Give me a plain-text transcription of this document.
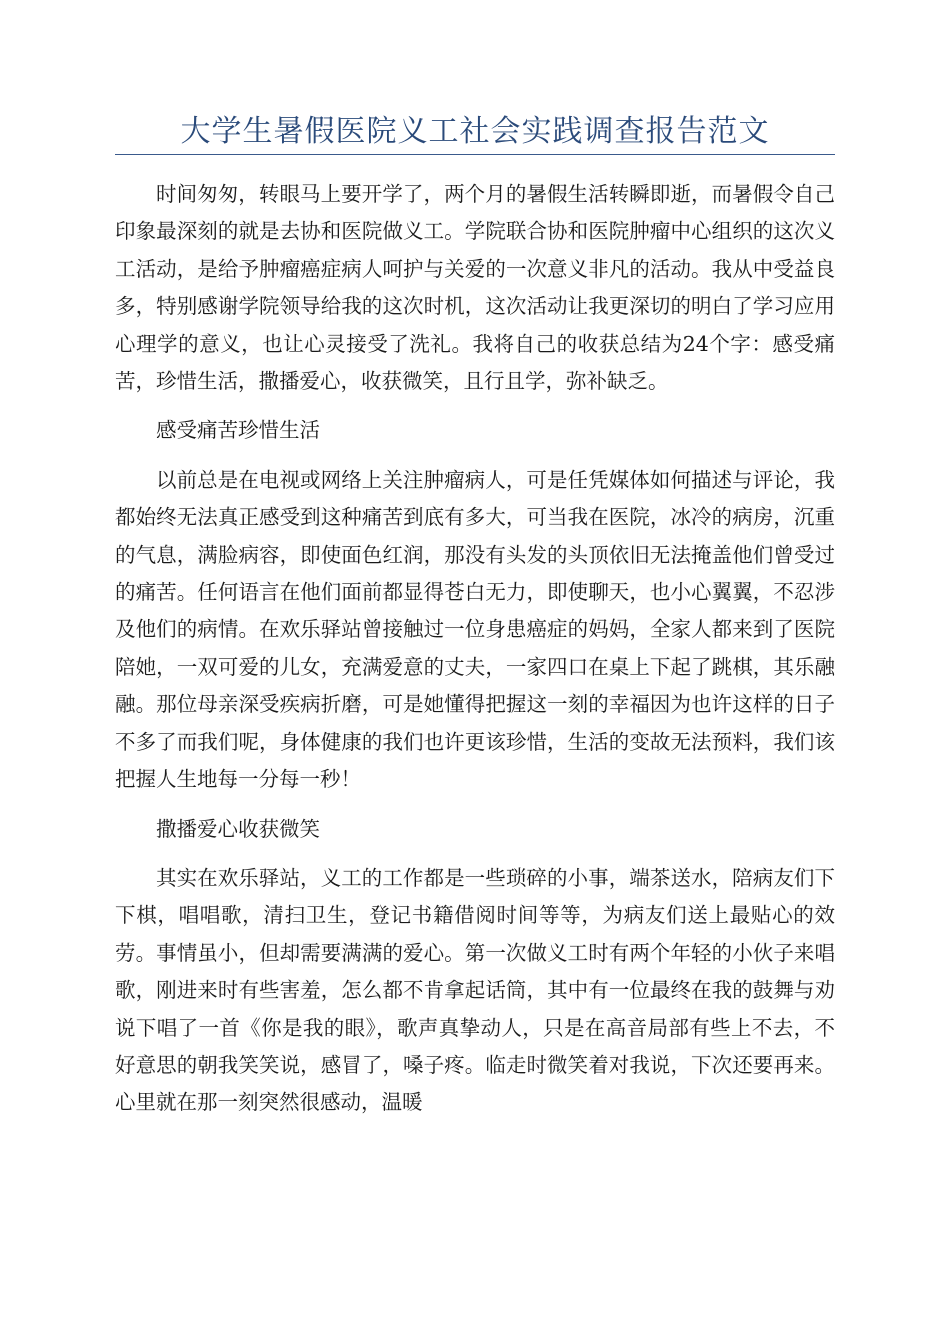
大学生暑假医院义工社会实践调查报告范文

时间匆匆，转眼马上要开学了，两个月的暑假生活转瞬即逝，而暑假令自己印象最深刻的就是去协和医院做义工。学院联合协和医院肿瘤中心组织的这次义工活动，是给予肿瘤癌症病人呵护与关爱的一次意义非凡的活动。我从中受益良多，特别感谢学院领导给我的这次时机，这次活动让我更深切的明白了学习应用心理学的意义，也让心灵接受了洗礼。我将自己的收获总结为24个字：感受痛苦，珍惜生活，撒播爱心，收获微笑，且行且学，弥补缺乏。

感受痛苦珍惜生活

以前总是在电视或网络上关注肿瘤病人，可是任凭媒体如何描述与评论，我都始终无法真正感受到这种痛苦到底有多大，可当我在医院，冰冷的病房，沉重的气息，满脸病容，即使面色红润，那没有头发的头顶依旧无法掩盖他们曾受过的痛苦。任何语言在他们面前都显得苍白无力，即使聊天，也小心翼翼，不忍涉及他们的病情。在欢乐驿站曾接触过一位身患癌症的妈妈，全家人都来到了医院陪她，一双可爱的儿女，充满爱意的丈夫，一家四口在桌上下起了跳棋，其乐融融。那位母亲深受疾病折磨，可是她懂得把握这一刻的幸福因为也许这样的日子不多了而我们呢，身体健康的我们也许更该珍惜，生活的变故无法预料，我们该把握人生地每一分每一秒！

撒播爱心收获微笑

其实在欢乐驿站，义工的工作都是一些琐碎的小事，端茶送水，陪病友们下下棋，唱唱歌，清扫卫生，登记书籍借阅时间等等，为病友们送上最贴心的效劳。事情虽小，但却需要满满的爱心。第一次做义工时有两个年轻的小伙子来唱歌，刚进来时有些害羞，怎么都不肯拿起话筒，其中有一位最终在我的鼓舞与劝说下唱了一首《你是我的眼》，歌声真挚动人，只是在高音局部有些上不去，不好意思的朝我笑笑说，感冒了，嗓子疼。临走时微笑着对我说，下次还要再来。心里就在那一刻突然很感动，温暖
